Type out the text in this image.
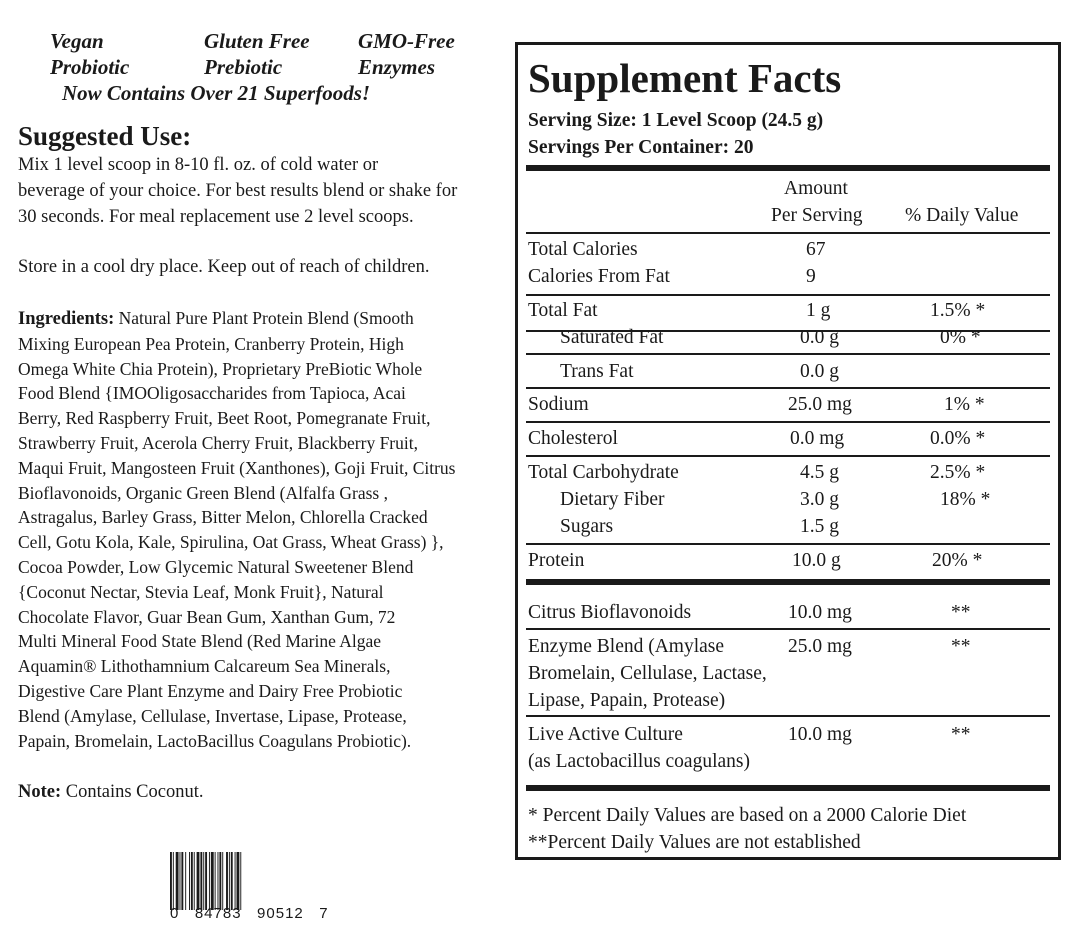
Vegan	Gluten Free GMO-Free
Probiotic	Prebiotic	Enzymes
Now Contains Over 21 Superfoods!
Suggested Use:

Mix 1 level scoop in 8-10 fl. oz. of cold water or

beverage of your choice. For best results blend or shake for

30 seconds. For meal replacement use 2 level scoops.

Store in a cool dry place. Keep out of reach of children.

Ingredients: Natural Pure Plant Protein Blend (Smooth

Mixing European Pea Protein, Cranberry Protein, High

Omega White Chia Protein), Proprietary PreBiotic Whole

Food Blend {IMOOligosaccharides from Tapioca, Acai

Berry, Red Raspberry Fruit, Beet Root, Pomegranate Fruit,

Strawberry Fruit, Acerola Cherry Fruit, Blackberry Fruit,

Maqui Fruit, Mangosteen Fruit (Xanthones), Goji Fruit, Citrus

Bioflavonoids, Organic Green Blend (Alfalfa Grass ,

Astragalus, Barley Grass, Bitter Melon, Chlorella Cracked

Cell, Gotu Kola, Kale, Spirulina, Oat Grass, Wheat Grass) },

Cocoa Powder, Low Glycemic Natural Sweetener Blend

{Coconut Nectar, Stevia Leaf, Monk Fruit}, Natural

Chocolate Flavor, Guar Bean Gum, Xanthan Gum, 72

Multi Mineral Food State Blend (Red Marine Algae

Aquamin® Lithothamnium Calcareum Sea Minerals,

Digestive Care Plant Enzyme and Dairy Free Probiotic

Blend (Amylase, Cellulase, Invertase, Lipase, Protease,

Papain, Bromelain, LactoBacillus Coagulans Probiotic).

Note: Contains Coconut.

0   84783   90512   7
Supplement Facts
Serving Size: 1 Level Scoop (24.5 g)
Servings Per Container: 20
Amount
Per Serving % Daily Value
Total Calories	67
Calories From Fat	9
Total Fat	1 g	1.5% *
Saturated Fat	0.0 g	0% *
Trans Fat	0.0 g
Sodium	25.0 mg	1% *
Cholesterol	0.0 mg	0.0% *
Total Carbohydrate	4.5 g	2.5% *
Dietary Fiber	3.0 g	18% *
Sugars	1.5 g
Protein	10.0 g	20% *
Citrus Bioflavonoids	10.0 mg	**
Enzyme Blend (Amylase	25.0 mg	**
Bromelain, Cellulase, Lactase,
Lipase, Papain, Protease)
Live Active Culture	10.0 mg	**
(as Lactobacillus coagulans)
* Percent Daily Values are based on a 2000 Calorie Diet
**Percent Daily Values are not established
